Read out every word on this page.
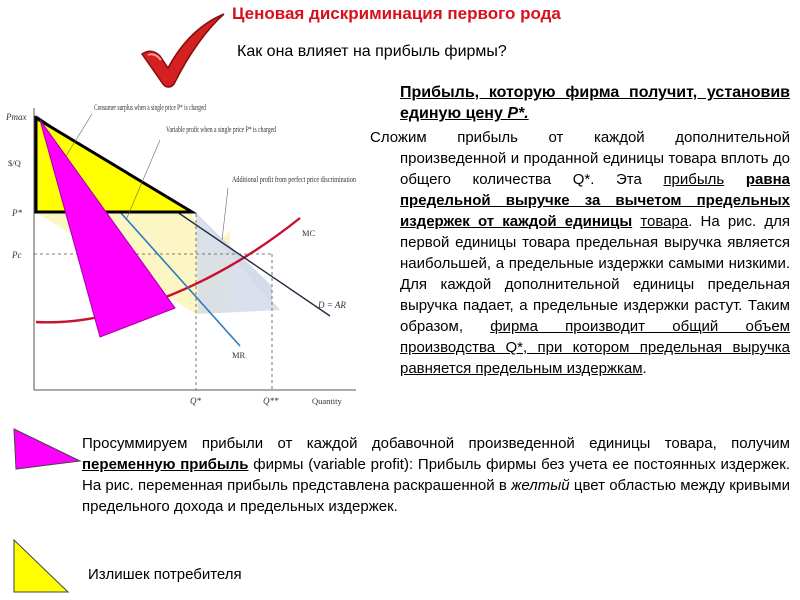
Ценовая дискриминация первого рода
Как она влияет на прибыль фирмы?
Прибыль, которую фирма получит, установив единую цену P*.
Сложим прибыль от каждой дополнительной произведенной и проданной единицы товара вплоть до общего количества Q*. Эта прибыль равна предельной выручке за вычетом предельных издержек от каждой единицы товара. На рис. для первой единицы товара предельная выручка является наибольшей, а предельные издержки самыми низкими. Для каждой дополнительной единицы предельная выручка падает, а предельные издержки растут. Таким образом, фирма производит общий объем производства Q*, при котором предельная выручка равняется предельным издержкам.
Pmax
$/Q
P*
Pc
Q*	Q**	Quantity
MC
D = AR
MR
Consumer surplus when a single price P* is charged
Variable profit when a single price P* is charged
Additional profit from perfect price discrimination
Просуммируем прибыли от каждой добавочной произведенной единицы товара, получим переменную прибыль фирмы (variable profit): Прибыль фирмы без учета ее постоянных издержек. На рис. переменная прибыль представлена раскрашенной в желтый цвет областью между кривыми предельного дохода и предельных издержек.
Излишек потребителя
